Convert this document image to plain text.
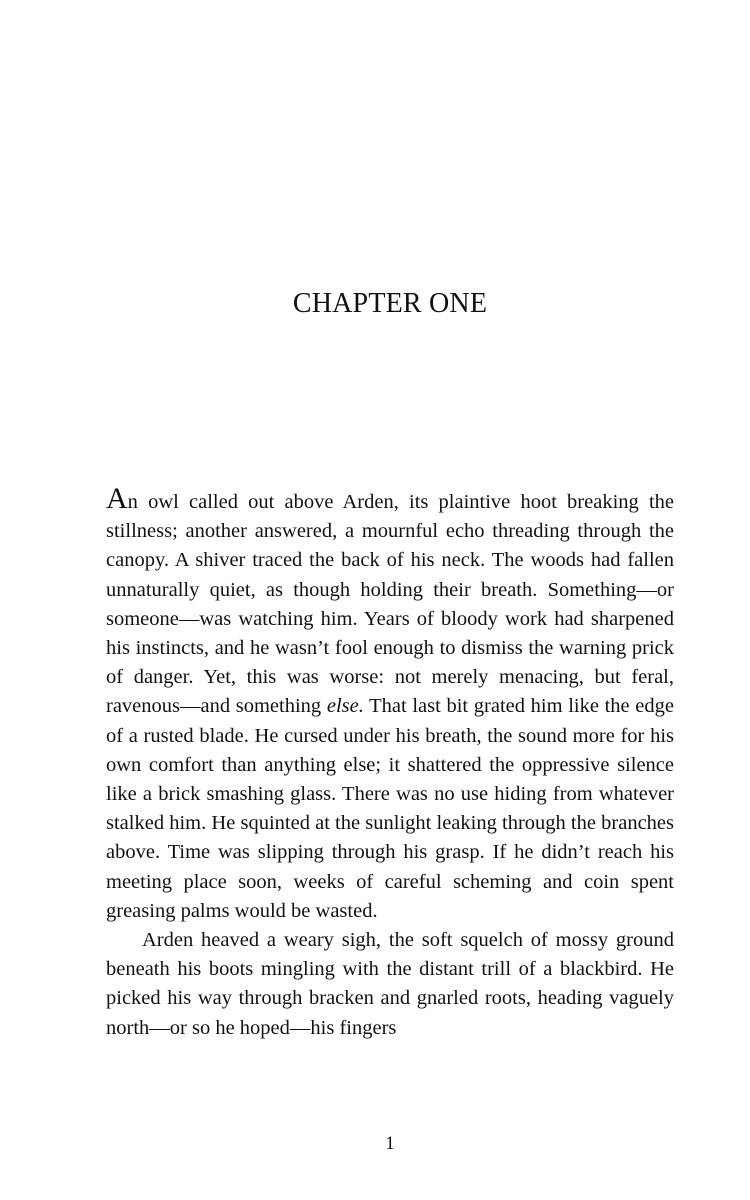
CHAPTER ONE

An owl called out above Arden, its plaintive hoot breaking the stillness; another answered, a mournful echo threading through the canopy. A shiver traced the back of his neck. The woods had fallen unnaturally quiet, as though holding their breath. Something—or someone—was watching him. Years of bloody work had sharpened his instincts, and he wasn’t fool enough to dismiss the warning prick of danger. Yet, this was worse: not merely menacing, but feral, ravenous—and something else. That last bit grated him like the edge of a rusted blade. He cursed under his breath, the sound more for his own comfort than anything else; it shattered the oppressive silence like a brick smashing glass. There was no use hiding from whatever stalked him. He squinted at the sunlight leaking through the branches above. Time was slipping through his grasp. If he didn’t reach his meeting place soon, weeks of careful scheming and coin spent greasing palms would be wasted.

Arden heaved a weary sigh, the soft squelch of mossy ground beneath his boots mingling with the distant trill of a blackbird. He picked his way through bracken and gnarled roots, heading vaguely north—or so he hoped—his fingers

1
